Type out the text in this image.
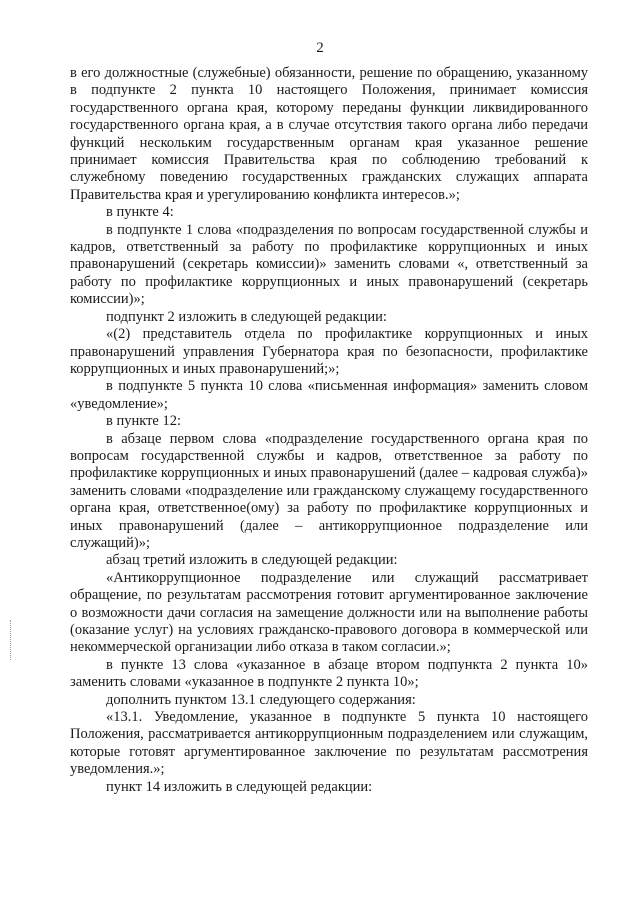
2

в его должностные (служебные) обязанности, решение по обращению, указанному в подпункте 2 пункта 10 настоящего Положения, принимает комиссия государственного органа края, которому переданы функции ликвидированного государственного органа края, а в случае отсутствия такого органа либо передачи функций нескольким государственным органам края указанное решение принимает комиссия Правительства края по соблюдению требований к служебному поведению государственных гражданских служащих аппарата Правительства края и урегулированию конфликта интересов.»;

в пункте 4:

в подпункте 1 слова «подразделения по вопросам государственной службы и кадров, ответственный за работу по профилактике коррупционных и иных правонарушений (секретарь комиссии)» заменить словами «, ответственный за работу по профилактике коррупционных и иных правонарушений (секретарь комиссии)»;

подпункт 2 изложить в следующей редакции:

«(2) представитель отдела по профилактике коррупционных и иных правонарушений управления Губернатора края по безопасности, профилактике коррупционных и иных правонарушений;»;

в подпункте 5 пункта 10 слова «письменная информация» заменить словом «уведомление»;

в пункте 12:

в абзаце первом слова «подразделение государственного органа края по вопросам государственной службы и кадров, ответственное за работу по профилактике коррупционных и иных правонарушений (далее – кадровая служба)» заменить словами «подразделение или гражданскому служащему государственного органа края, ответственное(ому) за работу по профилактике коррупционных и иных правонарушений (далее – антикоррупционное подразделение или служащий)»;

абзац третий изложить в следующей редакции:

«Антикоррупционное подразделение или служащий рассматривает обращение, по результатам рассмотрения готовит аргументированное заключение о возможности дачи согласия на замещение должности или на выполнение работы (оказание услуг) на условиях гражданско-правового договора в коммерческой или некоммерческой организации либо отказа в таком согласии.»;

в пункте 13 слова «указанное в абзаце втором подпункта 2 пункта 10» заменить словами «указанное в подпункте 2 пункта 10»;

дополнить пунктом 13.1 следующего содержания:

«13.1. Уведомление, указанное в подпункте 5 пункта 10 настоящего Положения, рассматривается антикоррупционным подразделением или служащим, которые готовят аргументированное заключение по результатам рассмотрения уведомления.»;

пункт 14 изложить в следующей редакции:
